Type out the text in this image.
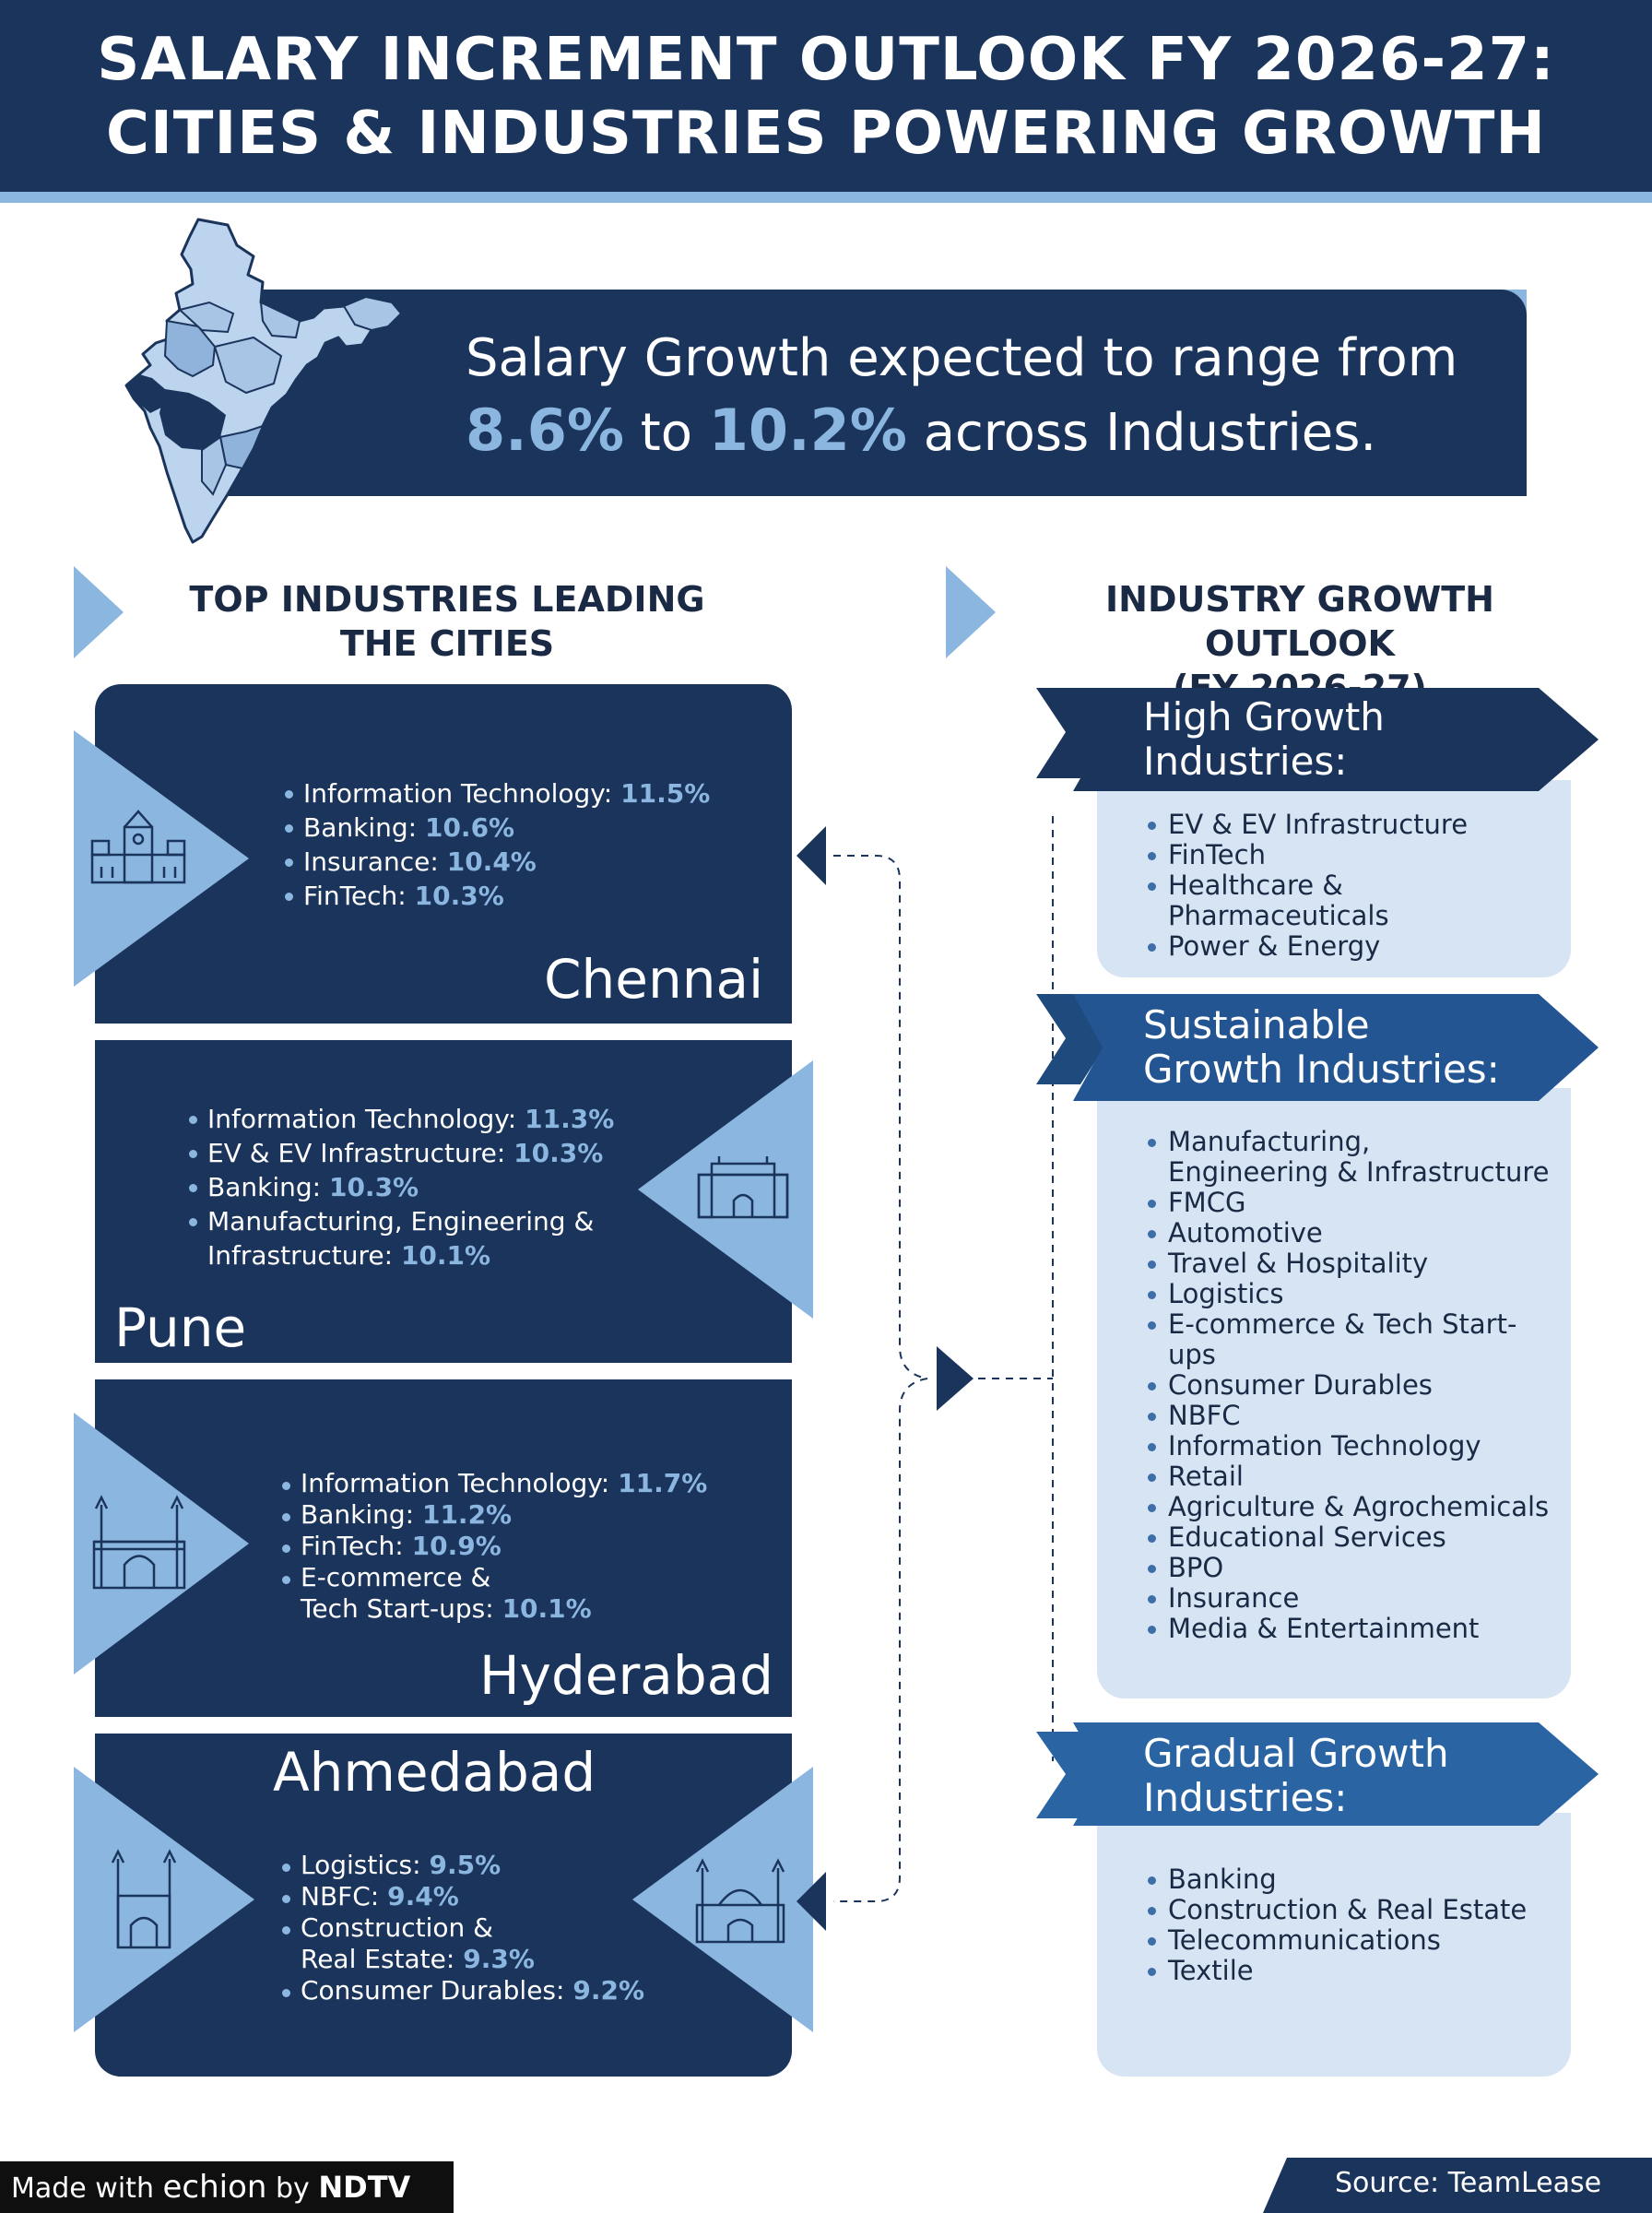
SALARY INCREMENT OUTLOOK FY 2026-27:
CITIES & INDUSTRIES POWERING GROWTH
Salary Growth expected to range from
8.6% to 10.2% across Industries.
TOP INDUSTRIES LEADING
THE CITIES
INDUSTRY GROWTH OUTLOOK
Information Technology: 11.5%
Banking: 10.6%
Insurance: 10.4%
FinTech: 10.3%
Chennai
Information Technology: 11.3%
EV & EV Infrastructure: 10.3%
Banking: 10.3%
Manufacturing, Engineering &
Infrastructure: 10.1%
Pune
Information Technology: 11.7%
Banking: 11.2%
FinTech: 10.9%
E-commerce &
Tech Start-ups: 10.1%
Hyderabad
Ahmedabad
Logistics: 9.5%
NBFC: 9.4%
Construction &
Real Estate: 9.3%
Consumer Durables: 9.2%
High Growth
Industries:
EV & EV Infrastructure
FinTech
Healthcare &
Pharmaceuticals
Power & Energy
Sustainable
Growth Industries:
Manufacturing,
Engineering & Infrastructure
FMCG
Automotive
Travel & Hospitality
Logistics
E-commerce & Tech Start-ups
Consumer Durables
NBFC
Information Technology
Retail
Agriculture & Agrochemicals
Educational Services
BPO
Insurance
Media & Entertainment
Gradual Growth
Industries:
Banking
Construction & Real Estate
Telecommunications
Textile
Made with echion by NDTV	Source: TeamLease
